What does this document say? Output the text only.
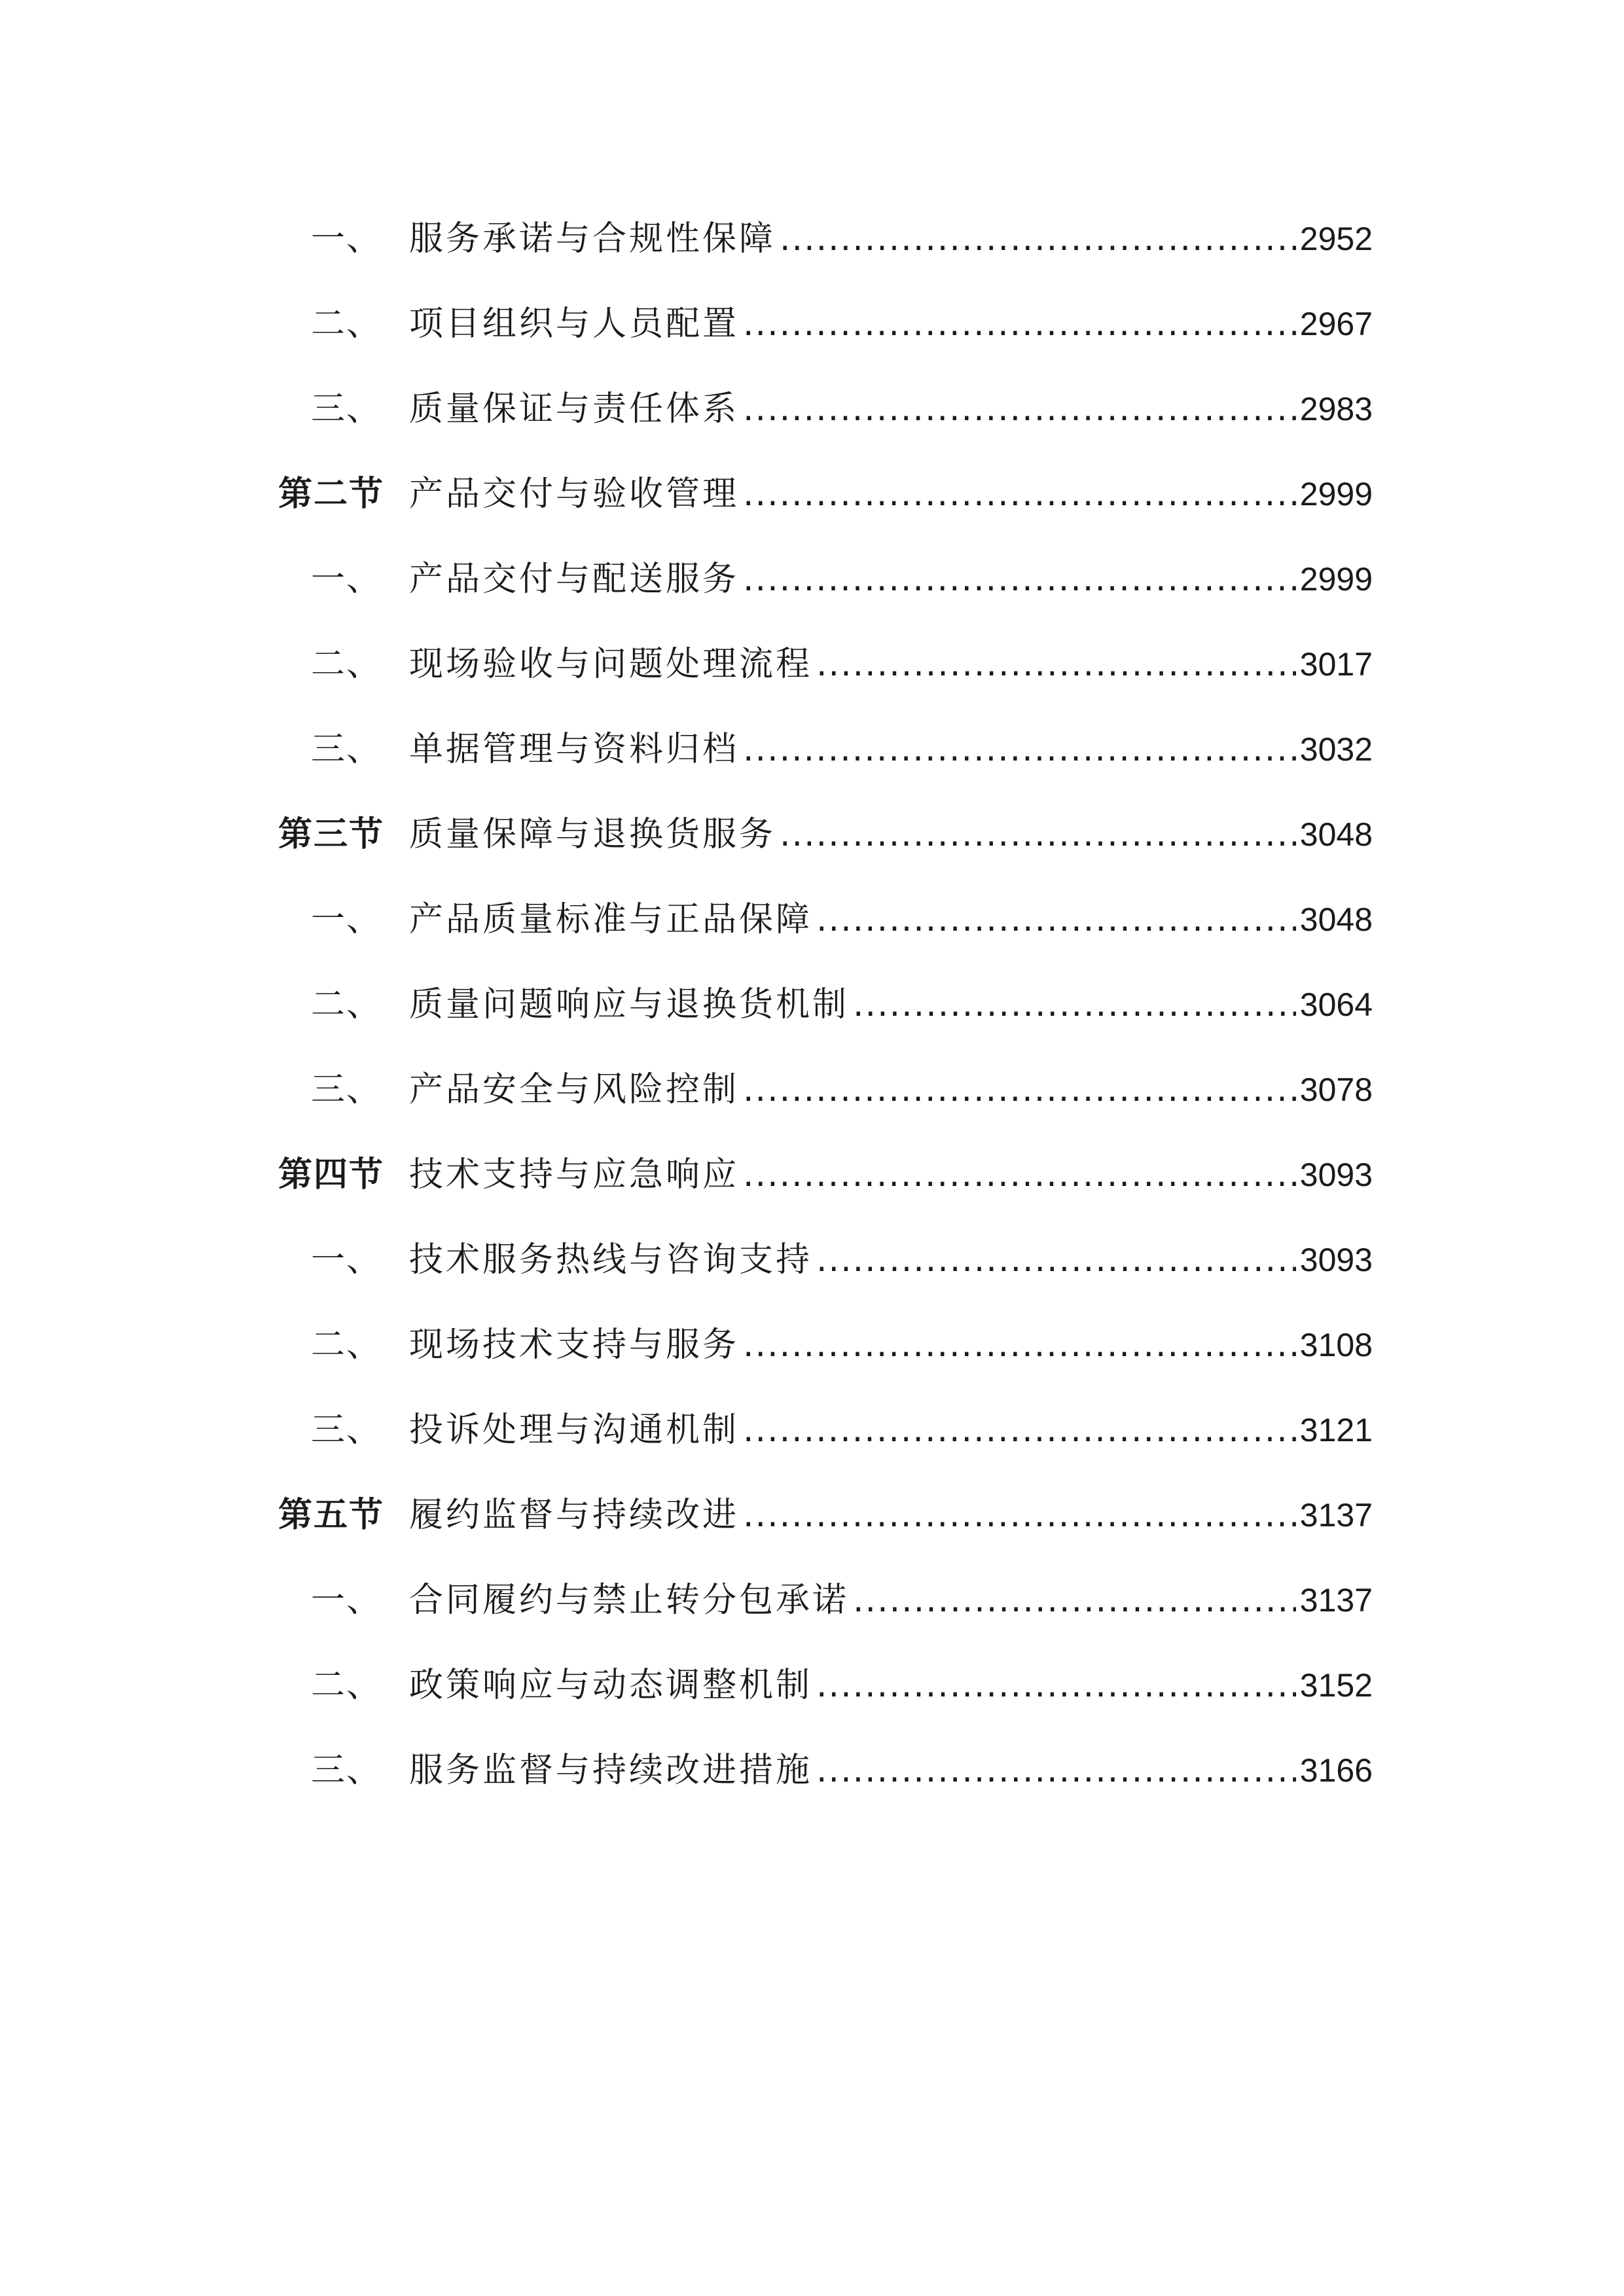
一、 服务承诺与合规性保障 .....	2952
二、 项目组织与人员配置 .....	2967
三、 质量保证与责任体系 .....	2983
第二节 产品交付与验收管理 .....	2999
一、 产品交付与配送服务 .....	2999
二、 现场验收与问题处理流程 .....	3017
三、 单据管理与资料归档 .....	3032
第三节 质量保障与退换货服务 .....	3048
一、 产品质量标准与正品保障 .....	3048
二、 质量问题响应与退换货机制 .....	3064
三、 产品安全与风险控制 .....	3078
第四节 技术支持与应急响应 .....	3093
一、 技术服务热线与咨询支持 .....	3093
二、 现场技术支持与服务 .....	3108
三、 投诉处理与沟通机制 .....	3121
第五节 履约监督与持续改进 .....	3137
一、 合同履约与禁止转分包承诺 .....	3137
二、 政策响应与动态调整机制 .....	3152
三、 服务监督与持续改进措施 .....	3166
